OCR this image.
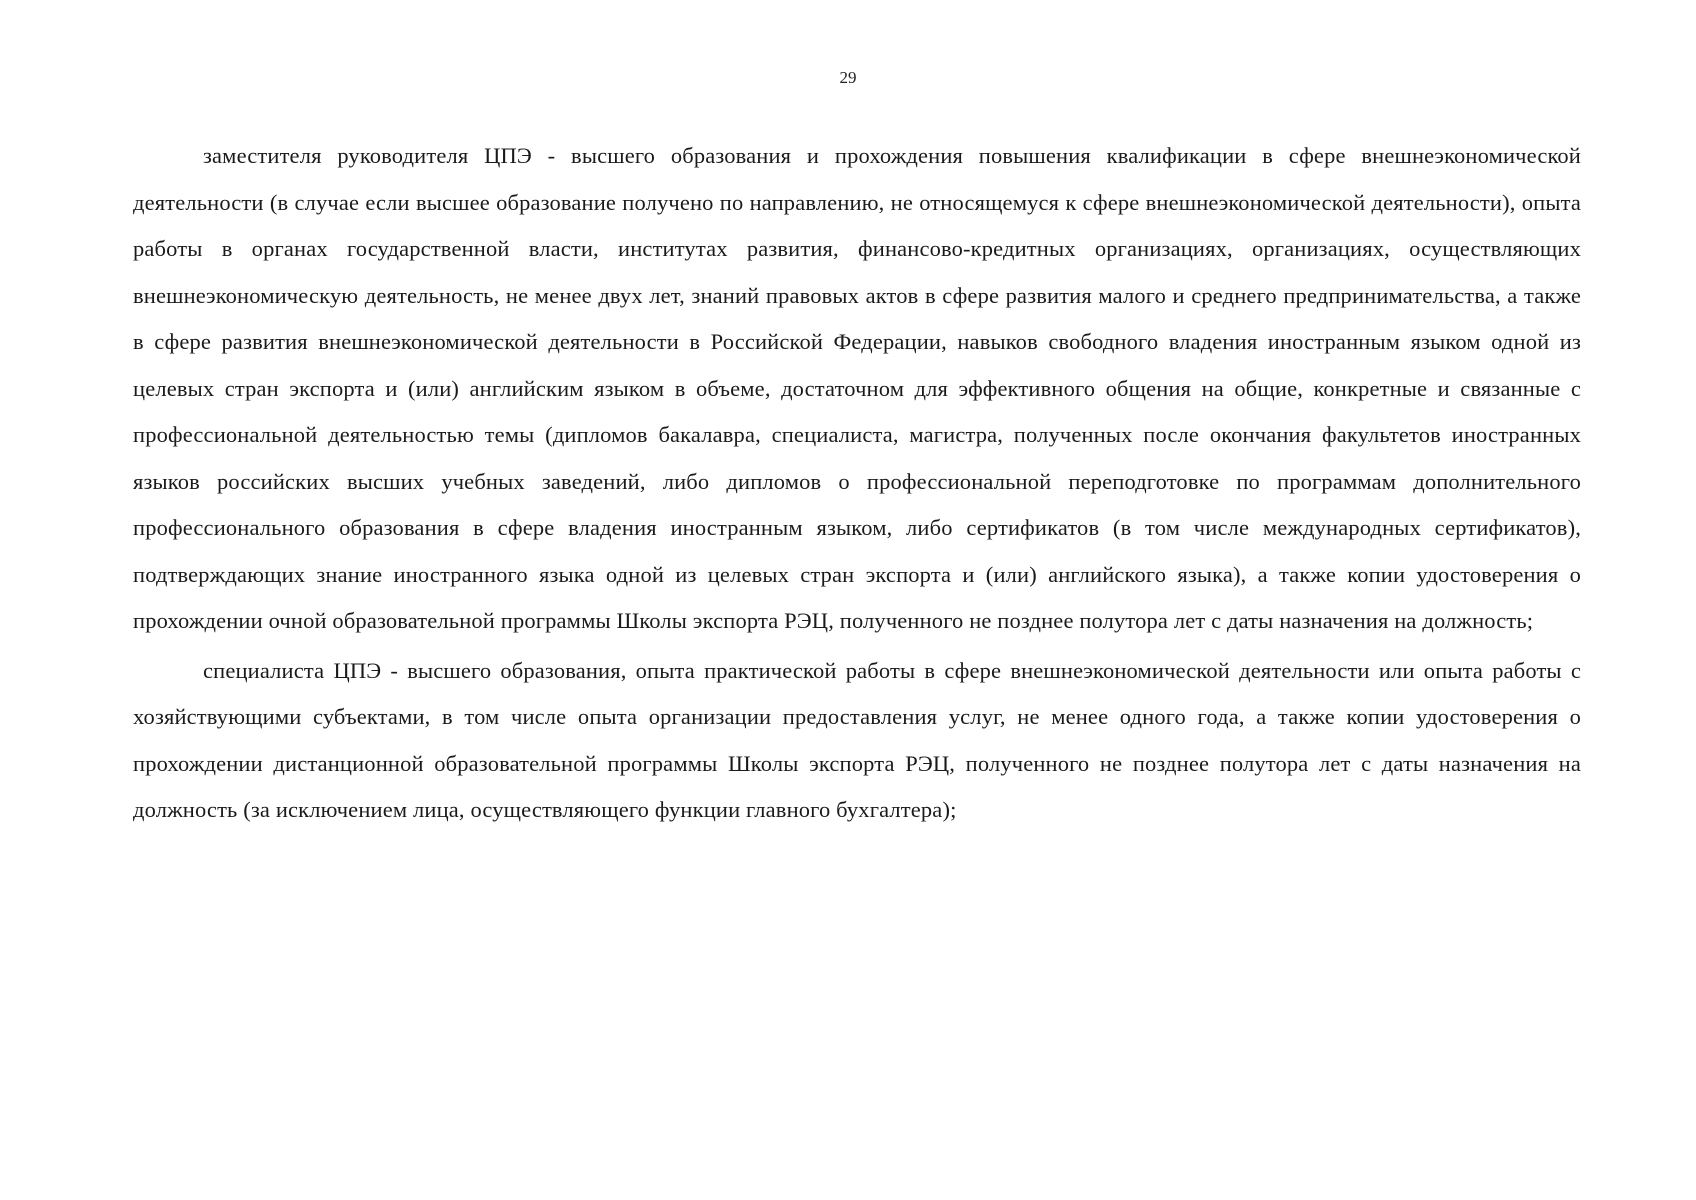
29

заместителя руководителя ЦПЭ - высшего образования и прохождения повышения квалификации в сфере внешнеэкономической деятельности (в случае если высшее образование получено по направлению, не относящемуся к сфере внешнеэкономической деятельности), опыта работы в органах государственной власти, институтах развития, финансово-кредитных организациях, организациях, осуществляющих внешнеэкономическую деятельность, не менее двух лет, знаний правовых актов в сфере развития малого и среднего предпринимательства, а также в сфере развития внешнеэкономической деятельности в Российской Федерации, навыков свободного владения иностранным языком одной из целевых стран экспорта и (или) английским языком в объеме, достаточном для эффективного общения на общие, конкретные и связанные с профессиональной деятельностью темы (дипломов бакалавра, специалиста, магистра, полученных после окончания факультетов иностранных языков российских высших учебных заведений, либо дипломов о профессиональной переподготовке по программам дополнительного профессионального образования в сфере владения иностранным языком, либо сертификатов (в том числе международных сертификатов), подтверждающих знание иностранного языка одной из целевых стран экспорта и (или) английского языка), а также копии удостоверения о прохождении очной образовательной программы Школы экспорта РЭЦ, полученного не позднее полутора лет с даты назначения на должность;

специалиста ЦПЭ - высшего образования, опыта практической работы в сфере внешнеэкономической деятельности или опыта работы с хозяйствующими субъектами, в том числе опыта организации предоставления услуг, не менее одного года, а также копии удостоверения о прохождении дистанционной образовательной программы Школы экспорта РЭЦ, полученного не позднее полутора лет с даты назначения на должность (за исключением лица, осуществляющего функции главного бухгалтера);
